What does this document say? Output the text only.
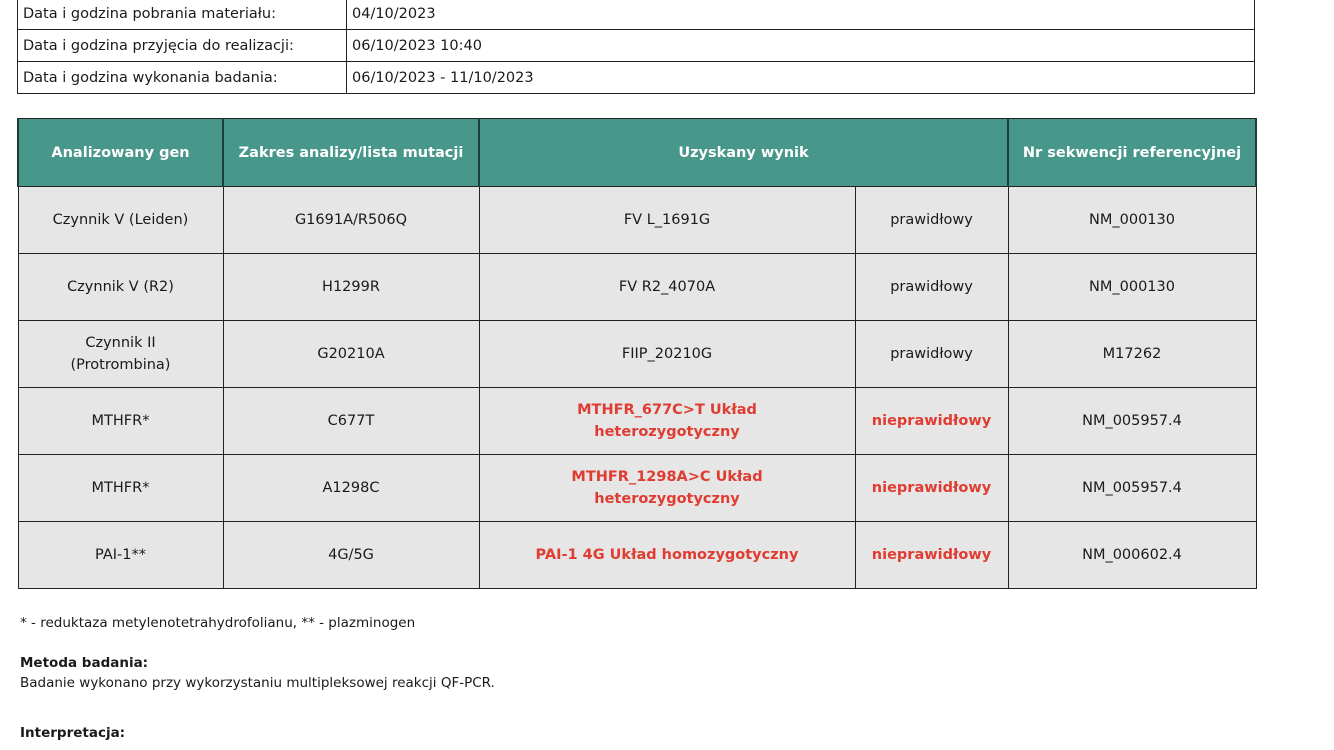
Data i godzina pobrania materiału:	04/10/2023
Data i godzina przyjęcia do realizacji:	06/10/2023 10:40
Data i godzina wykonania badania:	06/10/2023 - 11/10/2023
Analizowany gen	Zakres analizy/lista mutacji	Uzyskany wynik		Nr sekwencji referencyjnej
Czynnik V (Leiden)	G1691A/R506Q	FV L_1691G	prawidłowy	NM_000130
Czynnik V (R2)	H1299R	FV R2_4070A	prawidłowy	NM_000130
Czynnik II (Protrombina)	G20210A	FIIP_20210G	prawidłowy	M17262
MTHFR*	C677T	MTHFR_677C>T Układ heterozygotyczny	nieprawidłowy	NM_005957.4
MTHFR*	A1298C	MTHFR_1298A>C Układ heterozygotyczny	nieprawidłowy	NM_005957.4
PAI-1**	4G/5G	PAI-1 4G Układ homozygotyczny	nieprawidłowy	NM_000602.4
* - reduktaza metylenotetrahydrofolianu, ** - plazminogen
Metoda badania:
Badanie wykonano przy wykorzystaniu multipleksowej reakcji QF-PCR.
Interpretacja:
